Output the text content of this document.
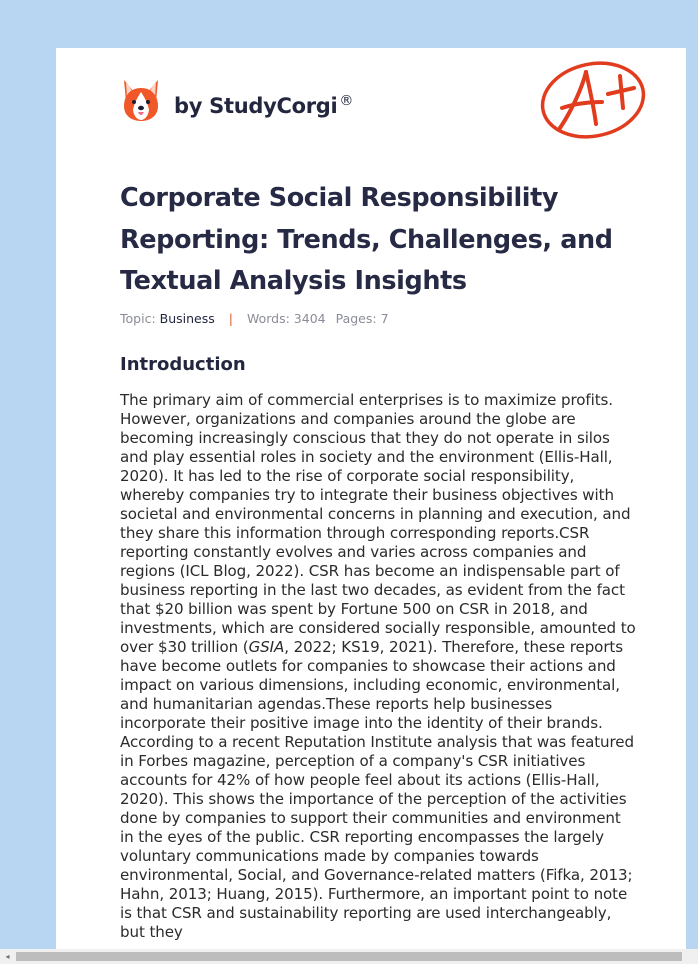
by StudyCorgi ®
Corporate Social Responsibility Reporting: Trends, Challenges, and Textual Analysis Insights
Topic: Business | Words: 3404 Pages: 7
Introduction

The primary aim of commercial enterprises is to maximize profits. However, organizations and companies around the globe are becoming increasingly conscious that they do not operate in silos and play essential roles in society and the environment (Ellis-Hall, 2020). It has led to the rise of corporate social responsibility, whereby companies try to integrate their business objectives with societal and environmental concerns in planning and execution, and they share this information through corresponding reports.CSR reporting constantly evolves and varies across companies and regions (ICL Blog, 2022). CSR has become an indispensable part of business reporting in the last two decades, as evident from the fact that $20 billion was spent by Fortune 500 on CSR in 2018, and investments, which are considered socially responsible, amounted to over $30 trillion (GSIA, 2022; KS19, 2021). Therefore, these reports have become outlets for companies to showcase their actions and impact on various dimensions, including economic, environmental, and humanitarian agendas.These reports help businesses incorporate their positive image into the identity of their brands. According to a recent Reputation Institute analysis that was featured in Forbes magazine, perception of a company's CSR initiatives accounts for 42% of how people feel about its actions (Ellis-Hall, 2020). This shows the importance of the perception of the activities done by companies to support their communities and environment in the eyes of the public. CSR reporting encompasses the largely voluntary communications made by companies towards environmental, Social, and Governance-related matters (Fifka, 2013; Hahn, 2013; Huang, 2015). Furthermore, an important point to note is that CSR and sustainability reporting are used interchangeably, but they

◂
